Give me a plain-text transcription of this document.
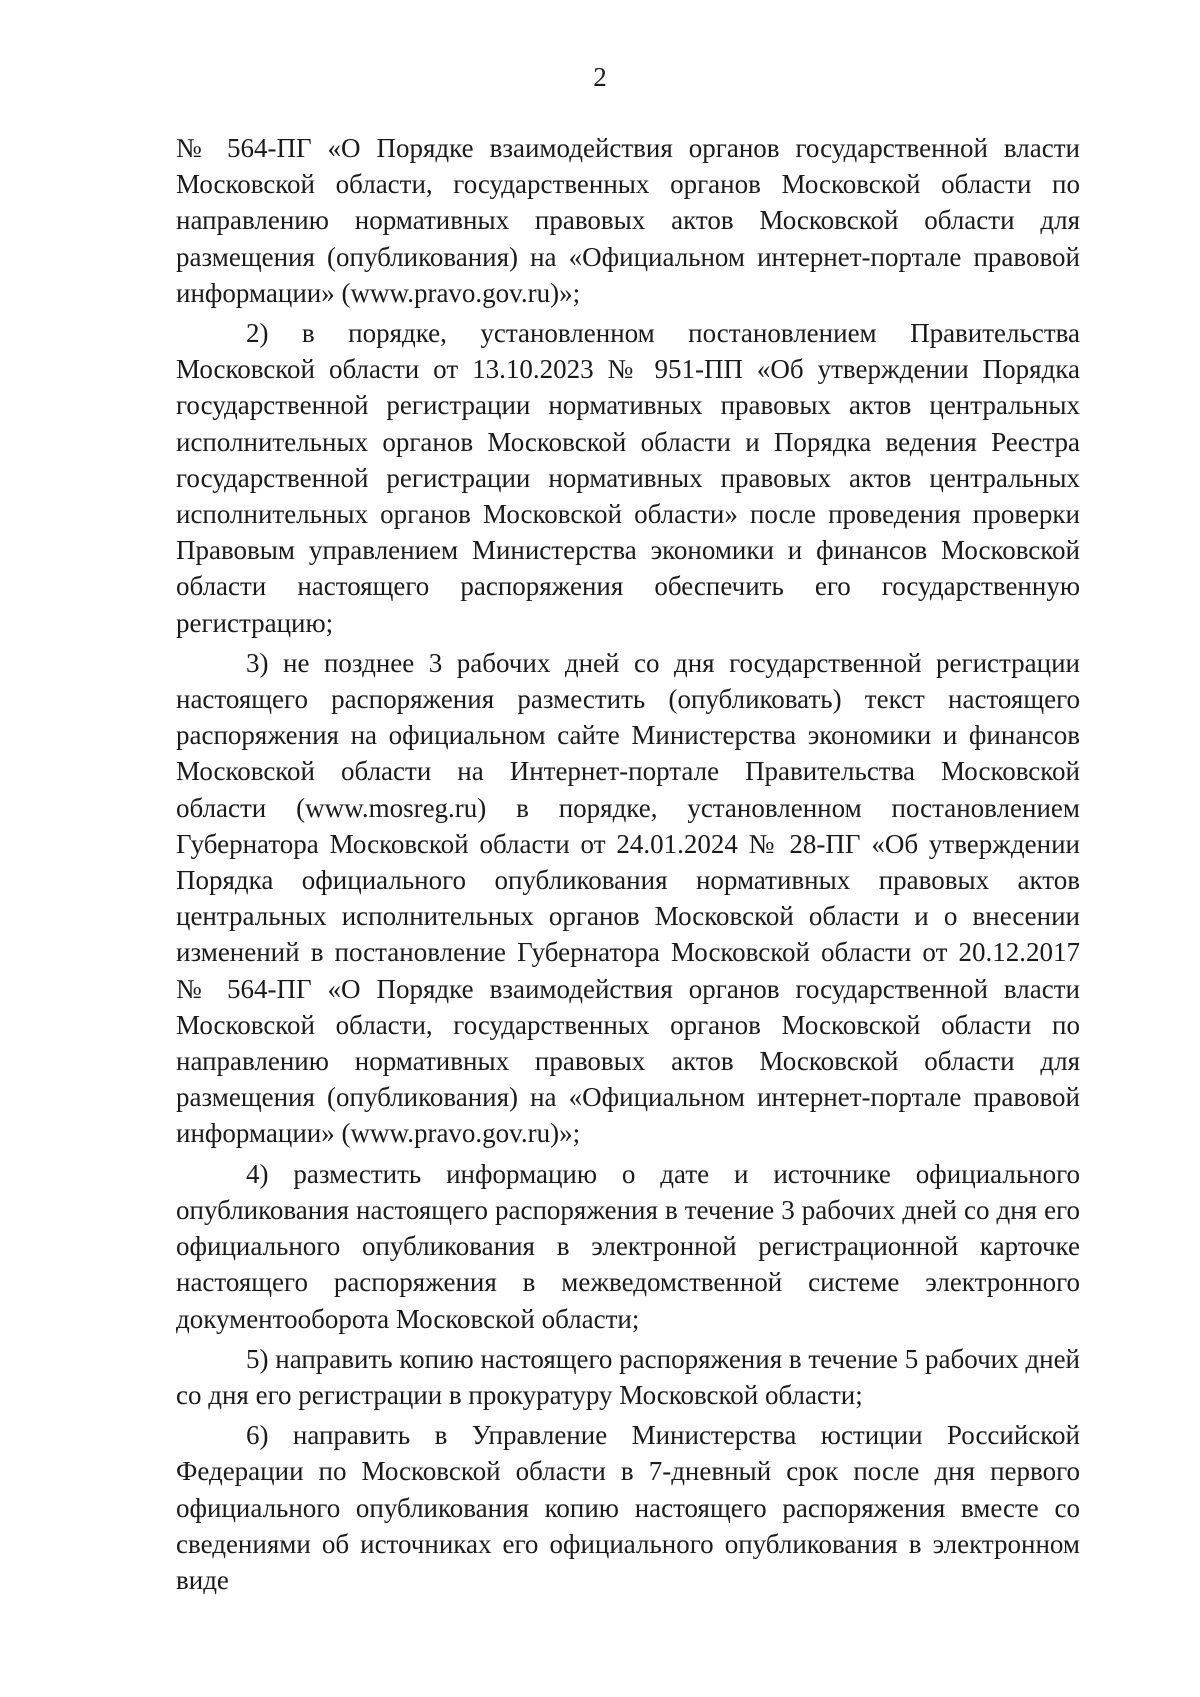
2

№ 564-ПГ «О Порядке взаимодействия органов государственной власти Московской области, государственных органов Московской области по направлению нормативных правовых актов Московской области для размещения (опубликования) на «Официальном интернет-портале правовой информации» (www.pravo.gov.ru)»;

2) в порядке, установленном постановлением Правительства Московской области от 13.10.2023 № 951-ПП «Об утверждении Порядка государственной регистрации нормативных правовых актов центральных исполнительных органов Московской области и Порядка ведения Реестра государственной регистрации нормативных правовых актов центральных исполнительных органов Московской области» после проведения проверки Правовым управлением Министерства экономики и финансов Московской области настоящего распоряжения обеспечить его государственную регистрацию;

3) не позднее 3 рабочих дней со дня государственной регистрации настоящего распоряжения разместить (опубликовать) текст настоящего распоряжения на официальном сайте Министерства экономики и финансов Московской области на Интернет-портале Правительства Московской области (www.mosreg.ru) в порядке, установленном постановлением Губернатора Московской области от 24.01.2024 № 28-ПГ «Об утверждении Порядка официального опубликования нормативных правовых актов центральных исполнительных органов Московской области и о внесении изменений в постановление Губернатора Московской области от 20.12.2017 № 564-ПГ «О Порядке взаимодействия органов государственной власти Московской области, государственных органов Московской области по направлению нормативных правовых актов Московской области для размещения (опубликования) на «Официальном интернет-портале правовой информации» (www.pravo.gov.ru)»;

4) разместить информацию о дате и источнике официального опубликования настоящего распоряжения в течение 3 рабочих дней со дня его официального опубликования в электронной регистрационной карточке настоящего распоряжения в межведомственной системе электронного документооборота Московской области;

5) направить копию настоящего распоряжения в течение 5 рабочих дней со дня его регистрации в прокуратуру Московской области;

6) направить в Управление Министерства юстиции Российской Федерации по Московской области в 7-дневный срок после дня первого официального опубликования копию настоящего распоряжения вместе со сведениями об источниках его официального опубликования в электронном виде
